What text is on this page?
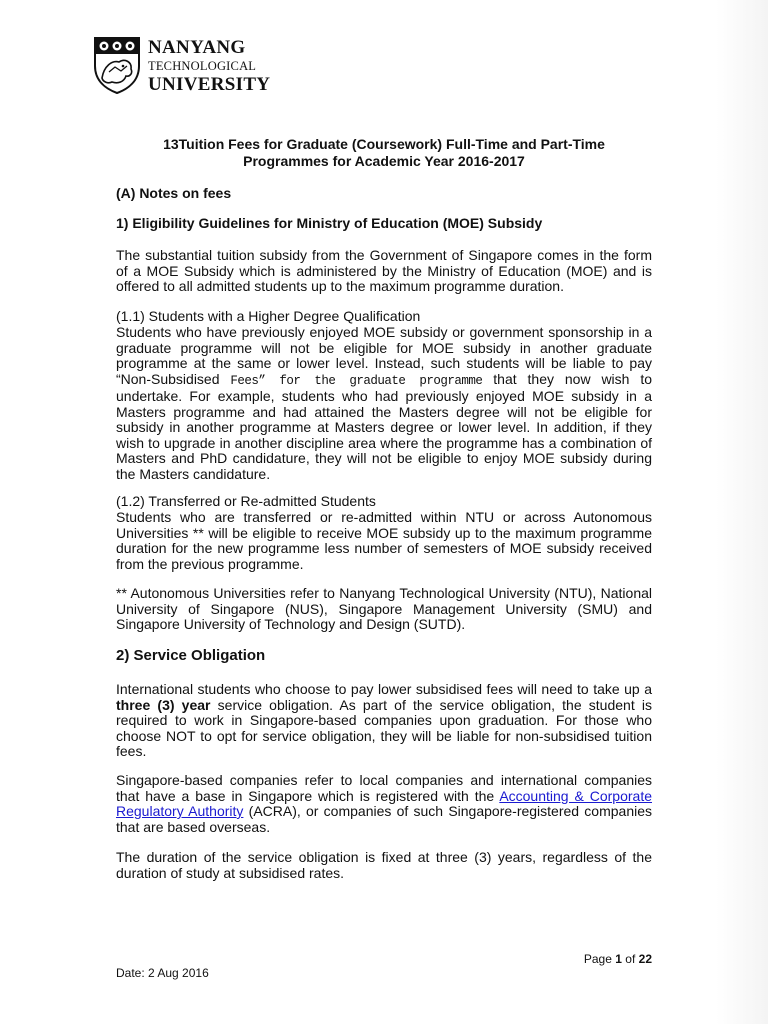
NANYANG
TECHNOLOGICAL
UNIVERSITY
13Tuition Fees for Graduate (Coursework) Full-Time and Part-Time
Programmes for Academic Year 2016-2017
(A) Notes on fees
1) Eligibility Guidelines for Ministry of Education (MOE) Subsidy

The substantial tuition subsidy from the Government of Singapore comes in the form of a MOE Subsidy which is administered by the Ministry of Education (MOE) and is offered to all admitted students up to the maximum programme duration.

(1.1) Students with a Higher Degree Qualification

Students who have previously enjoyed MOE subsidy or government sponsorship in a graduate programme will not be eligible for MOE subsidy in another graduate programme at the same or lower level. Instead, such students will be liable to pay “Non-Subsidised Fees” for the graduate programme that they now wish to undertake. For example, students who had previously enjoyed MOE subsidy in a Masters programme and had attained the Masters degree will not be eligible for subsidy in another programme at Masters degree or lower level. In addition, if they wish to upgrade in another discipline area where the programme has a combination of Masters and PhD candidature, they will not be eligible to enjoy MOE subsidy during the Masters candidature.

(1.2) Transferred or Re-admitted Students

Students who are transferred or re-admitted within NTU or across Autonomous Universities ** will be eligible to receive MOE subsidy up to the maximum programme duration for the new programme less number of semesters of MOE subsidy received from the previous programme.

** Autonomous Universities refer to Nanyang Technological University (NTU), National University of Singapore (NUS), Singapore Management University (SMU) and Singapore University of Technology and Design (SUTD).

2) Service Obligation

International students who choose to pay lower subsidised fees will need to take up a three (3) year service obligation. As part of the service obligation, the student is required to work in Singapore-based companies upon graduation. For those who choose NOT to opt for service obligation, they will be liable for non-subsidised tuition fees.

Singapore-based companies refer to local companies and international companies that have a base in Singapore which is registered with the Accounting & Corporate Regulatory Authority (ACRA), or companies of such Singapore-registered companies that are based overseas.

The duration of the service obligation is fixed at three (3) years, regardless of the duration of study at subsidised rates.

Page 1 of 22
Date: 2 Aug 2016
